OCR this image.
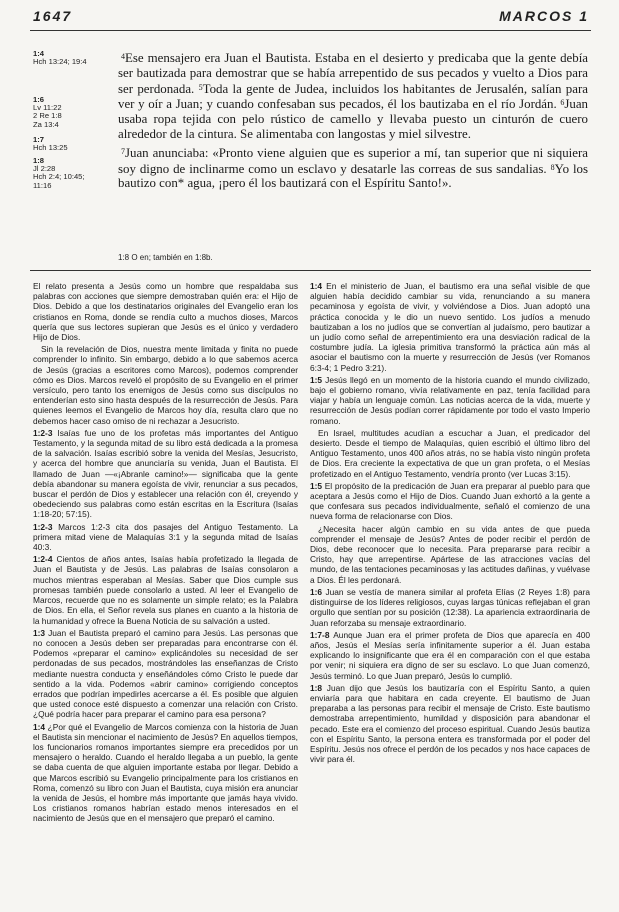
1647	MARCOS 1
1:4
Hch 13:24; 19:4
1:6
Lv 11:22
2 Re 1:8
Za 13:4
1:7
Hch 13:25
1:8
Jl 2:28
Hch 2:4; 10:45;
11:16

$^4$Ese mensajero era Juan el Bautista. Estaba en el desierto y predicaba que la gente debía ser bautizada para demostrar que se había arrepentido de sus pecados y vuelto a Dios para ser perdonada. $^5$Toda la gente de Judea, incluidos los habitantes de Jerusalén, salían para ver y oír a Juan; y cuando confesaban sus pecados, él los bautizaba en el río Jordán. $^6$Juan usaba ropa tejida con pelo rústico de camello y llevaba puesto un cinturón de cuero alrededor de la cintura. Se alimentaba con langostas y miel silvestre.

$^7$Juan anunciaba: «Pronto viene alguien que es superior a mí, tan superior que ni siquiera soy digno de inclinarme como un esclavo y desatarle las correas de sus sandalias. $^8$Yo los bautizo con* agua, ¡pero él los bautizará con el Espíritu Santo!».

1:8 O en; también en 1:8b.

El relato presenta a Jesús como un hombre que respaldaba sus palabras con acciones que siempre demostraban quién era: el Hijo de Dios. Debido a que los destinatarios originales del Evangelio eran los cristianos en Roma, donde se rendía culto a muchos dioses, Marcos quería que sus lectores supieran que Jesús es el único y verdadero Hijo de Dios.

Sin la revelación de Dios, nuestra mente limitada y finita no puede comprender lo infinito. Sin embargo, debido a lo que sabemos acerca de Jesús (gracias a escritores como Marcos), podemos comprender cómo es Dios. Marcos reveló el propósito de su Evangelio en el primer versículo, pero tanto los enemigos de Jesús como sus discípulos no entenderían esto sino hasta después de la resurrección de Jesús. Para quienes leemos el Evangelio de Marcos hoy día, resulta claro que no debemos hacer caso omiso de ni rechazar a Jesucristo.

1:2-3 Isaías fue uno de los profetas más importantes del Antiguo Testamento, y la segunda mitad de su libro está dedicada a la promesa de la salvación. Isaías escribió sobre la venida del Mesías, Jesucristo, y acerca del hombre que anunciaría su venida, Juan el Bautista. El llamado de Juan —«¡Abranle camino!»— significaba que la gente debía abandonar su manera egoísta de vivir, renunciar a sus pecados, buscar el perdón de Dios y establecer una relación con él, creyendo y obedeciendo sus palabras como están escritas en la Escritura (Isaías 1:18-20; 57:15).

1:2-3 Marcos 1:2-3 cita dos pasajes del Antiguo Testamento. La primera mitad viene de Malaquías 3:1 y la segunda mitad de Isaías 40:3.

1:2-4 Cientos de años antes, Isaías había profetizado la llegada de Juan el Bautista y de Jesús. Las palabras de Isaías consolaron a muchos mientras esperaban al Mesías. Saber que Dios cumple sus promesas también puede consolarlo a usted. Al leer el Evangelio de Marcos, recuerde que no es solamente un simple relato; es la Palabra de Dios. En ella, el Señor revela sus planes en cuanto a la historia de la humanidad y ofrece la Buena Noticia de su salvación a usted.

1:3 Juan el Bautista preparó el camino para Jesús. Las personas que no conocen a Jesús deben ser preparadas para encontrarse con él. Podemos «preparar el camino» explicándoles su necesidad de ser perdonadas de sus pecados, mostrándoles las enseñanzas de Cristo mediante nuestra conducta y enseñándoles cómo Cristo le puede dar sentido a la vida. Podemos «abrir camino» corrigiendo conceptos errados que podrían impedirles acercarse a él. Es posible que alguien que usted conoce esté dispuesto a comenzar una relación con Cristo. ¿Qué podría hacer para preparar el camino para esa persona?

1:4 ¿Por qué el Evangelio de Marcos comienza con la historia de Juan el Bautista sin mencionar el nacimiento de Jesús? En aquellos tiempos, los funcionarios romanos importantes siempre era precedidos por un mensajero o heraldo. Cuando el heraldo llegaba a un pueblo, la gente se daba cuenta de que alguien importante estaba por llegar. Debido a que Marcos escribió su Evangelio principalmente para los cristianos en Roma, comenzó su libro con Juan el Bautista, cuya misión era anunciar la venida de Jesús, el hombre más importante que jamás haya vivido. Los cristianos romanos habrían estado menos interesados en el nacimiento de Jesús que en el mensajero que preparó el camino.

1:4 En el ministerio de Juan, el bautismo era una señal visible de que alguien había decidido cambiar su vida, renunciando a su manera pecaminosa y egoísta de vivir, y volviéndose a Dios. Juan adoptó una práctica conocida y le dio un nuevo sentido. Los judíos a menudo bautizaban a los no judíos que se convertían al judaísmo, pero bautizar a un judío como señal de arrepentimiento era una desviación radical de la costumbre judía. La iglesia primitiva transformó la práctica aún más al asociar el bautismo con la muerte y resurrección de Jesús (ver Romanos 6:3-4; 1 Pedro 3:21).

1:5 Jesús llegó en un momento de la historia cuando el mundo civilizado, bajo el gobierno romano, vivía relativamente en paz, tenía facilidad para viajar y había un lenguaje común. Las noticias acerca de la vida, muerte y resurrección de Jesús podían correr rápidamente por todo el vasto Imperio romano.

En Israel, multitudes acudían a escuchar a Juan, el predicador del desierto. Desde el tiempo de Malaquías, quien escribió el último libro del Antiguo Testamento, unos 400 años atrás, no se había visto ningún profeta de Dios. Era creciente la expectativa de que un gran profeta, o el Mesías profetizado en el Antiguo Testamento, vendría pronto (ver Lucas 3:15).

1:5 El propósito de la predicación de Juan era preparar al pueblo para que aceptara a Jesús como el Hijo de Dios. Cuando Juan exhortó a la gente a que confesara sus pecados individualmente, señaló el comienzo de una nueva forma de relacionarse con Dios.

¿Necesita hacer algún cambio en su vida antes de que pueda comprender el mensaje de Jesús? Antes de poder recibir el perdón de Dios, debe reconocer que lo necesita. Para prepararse para recibir a Cristo, hay que arrepentirse. Apártese de las atracciones vacías del mundo, de las tentaciones pecaminosas y las actitudes dañinas, y vuélvase a Dios. Él les perdonará.

1:6 Juan se vestía de manera similar al profeta Elías (2 Reyes 1:8) para distinguirse de los líderes religiosos, cuyas largas túnicas reflejaban el gran orgullo que sentían por su posición (12:38). La apariencia extraordinaria de Juan reforzaba su mensaje extraordinario.

1:7-8 Aunque Juan era el primer profeta de Dios que aparecía en 400 años, Jesús el Mesías sería infinitamente superior a él. Juan estaba explicando lo insignificante que era él en comparación con el que estaba por venir; ni siquiera era digno de ser su esclavo. Lo que Juan comenzó, Jesús terminó. Lo que Juan preparó, Jesús lo cumplió.

1:8 Juan dijo que Jesús los bautizaría con el Espíritu Santo, a quien enviaría para que habitara en cada creyente. El bautismo de Juan preparaba a las personas para recibir el mensaje de Cristo. Este bautismo demostraba arrepentimiento, humildad y disposición para abandonar el pecado. Este era el comienzo del proceso espiritual. Cuando Jesús bautiza con el Espíritu Santo, la persona entera es transformada por el poder del Espíritu. Jesús nos ofrece el perdón de los pecados y nos hace capaces de vivir para él.
